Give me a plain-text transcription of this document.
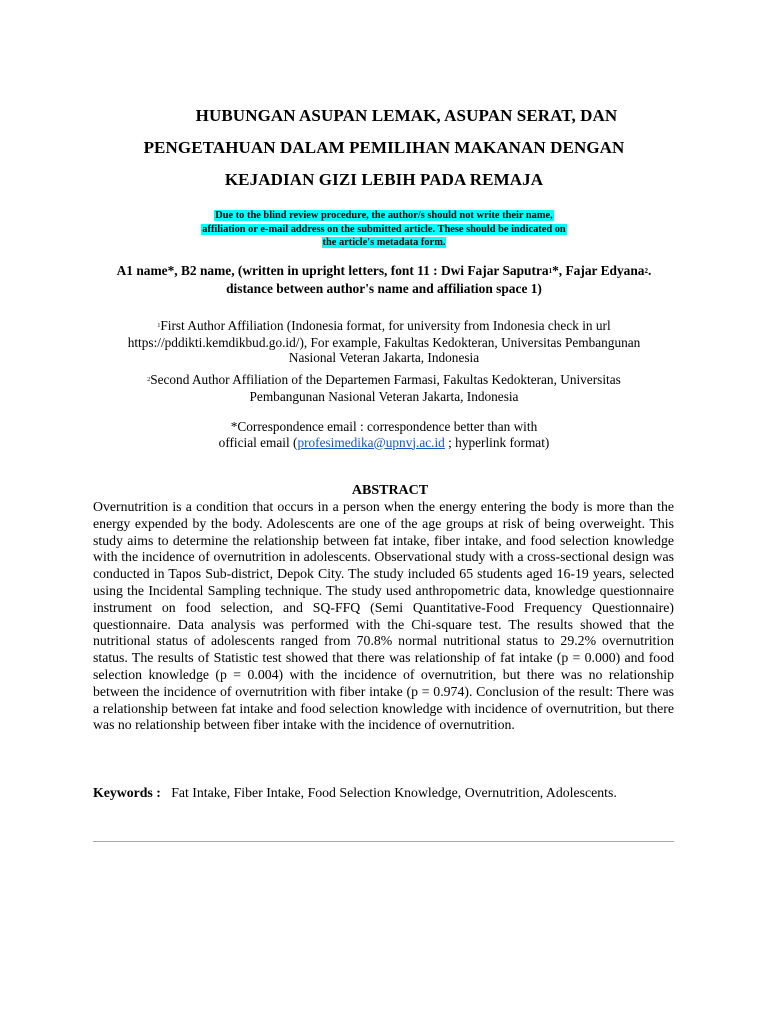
HUBUNGAN ASUPAN LEMAK, ASUPAN SERAT, DAN
PENGETAHUAN DALAM PEMILIHAN MAKANAN DENGAN
KEJADIAN GIZI LEBIH PADA REMAJA
Due to the blind review procedure, the author/s should not write their name,
affiliation or e-mail address on the submitted article. These should be indicated on
the article's metadata form.
A1 name*, B2 name, (written in upright letters, font 11 : Dwi Fajar Saputra$^1$*, Fajar Edyana$^2$.
distance between author's name and affiliation space 1)
$^1$First Author Affiliation (Indonesia format, for university from Indonesia check in url
https://pddikti.kemdikbud.go.id/), For example, Fakultas Kedokteran, Universitas Pembangunan
Nasional Veteran Jakarta, Indonesia
$^2$Second Author Affiliation of the Departemen Farmasi, Fakultas Kedokteran, Universitas
Pembangunan Nasional Veteran Jakarta, Indonesia
*Correspondence email : correspondence better than with
official email (profesimedika@upnvj.ac.id ; hyperlink format)
ABSTRACT
Overnutrition is a condition that occurs in a person when the energy entering the body is more than the energy expended by the body. Adolescents are one of the age groups at risk of being overweight. This study aims to determine the relationship between fat intake, fiber intake, and food selection knowledge with the incidence of overnutrition in adolescents. Observational study with a cross-sectional design was conducted in Tapos Sub-district, Depok City. The study included 65 students aged 16-19 years, selected using the Incidental Sampling technique. The study used anthropometric data, knowledge questionnaire instrument on food selection, and SQ-FFQ (Semi Quantitative-Food Frequency Questionnaire) questionnaire. Data analysis was performed with the Chi-square test. The results showed that the nutritional status of adolescents ranged from 70.8% normal nutritional status to 29.2% overnutrition status. The results of Statistic test showed that there was relationship of fat intake (p = 0.000) and food selection knowledge (p = 0.004) with the incidence of overnutrition, but there was no relationship between the incidence of overnutrition with fiber intake (p = 0.974). Conclusion of the result: There was a relationship between fat intake and food selection knowledge with incidence of overnutrition, but there was no relationship between fiber intake with the incidence of overnutrition.
Keywords : Fat Intake, Fiber Intake, Food Selection Knowledge, Overnutrition, Adolescents.
